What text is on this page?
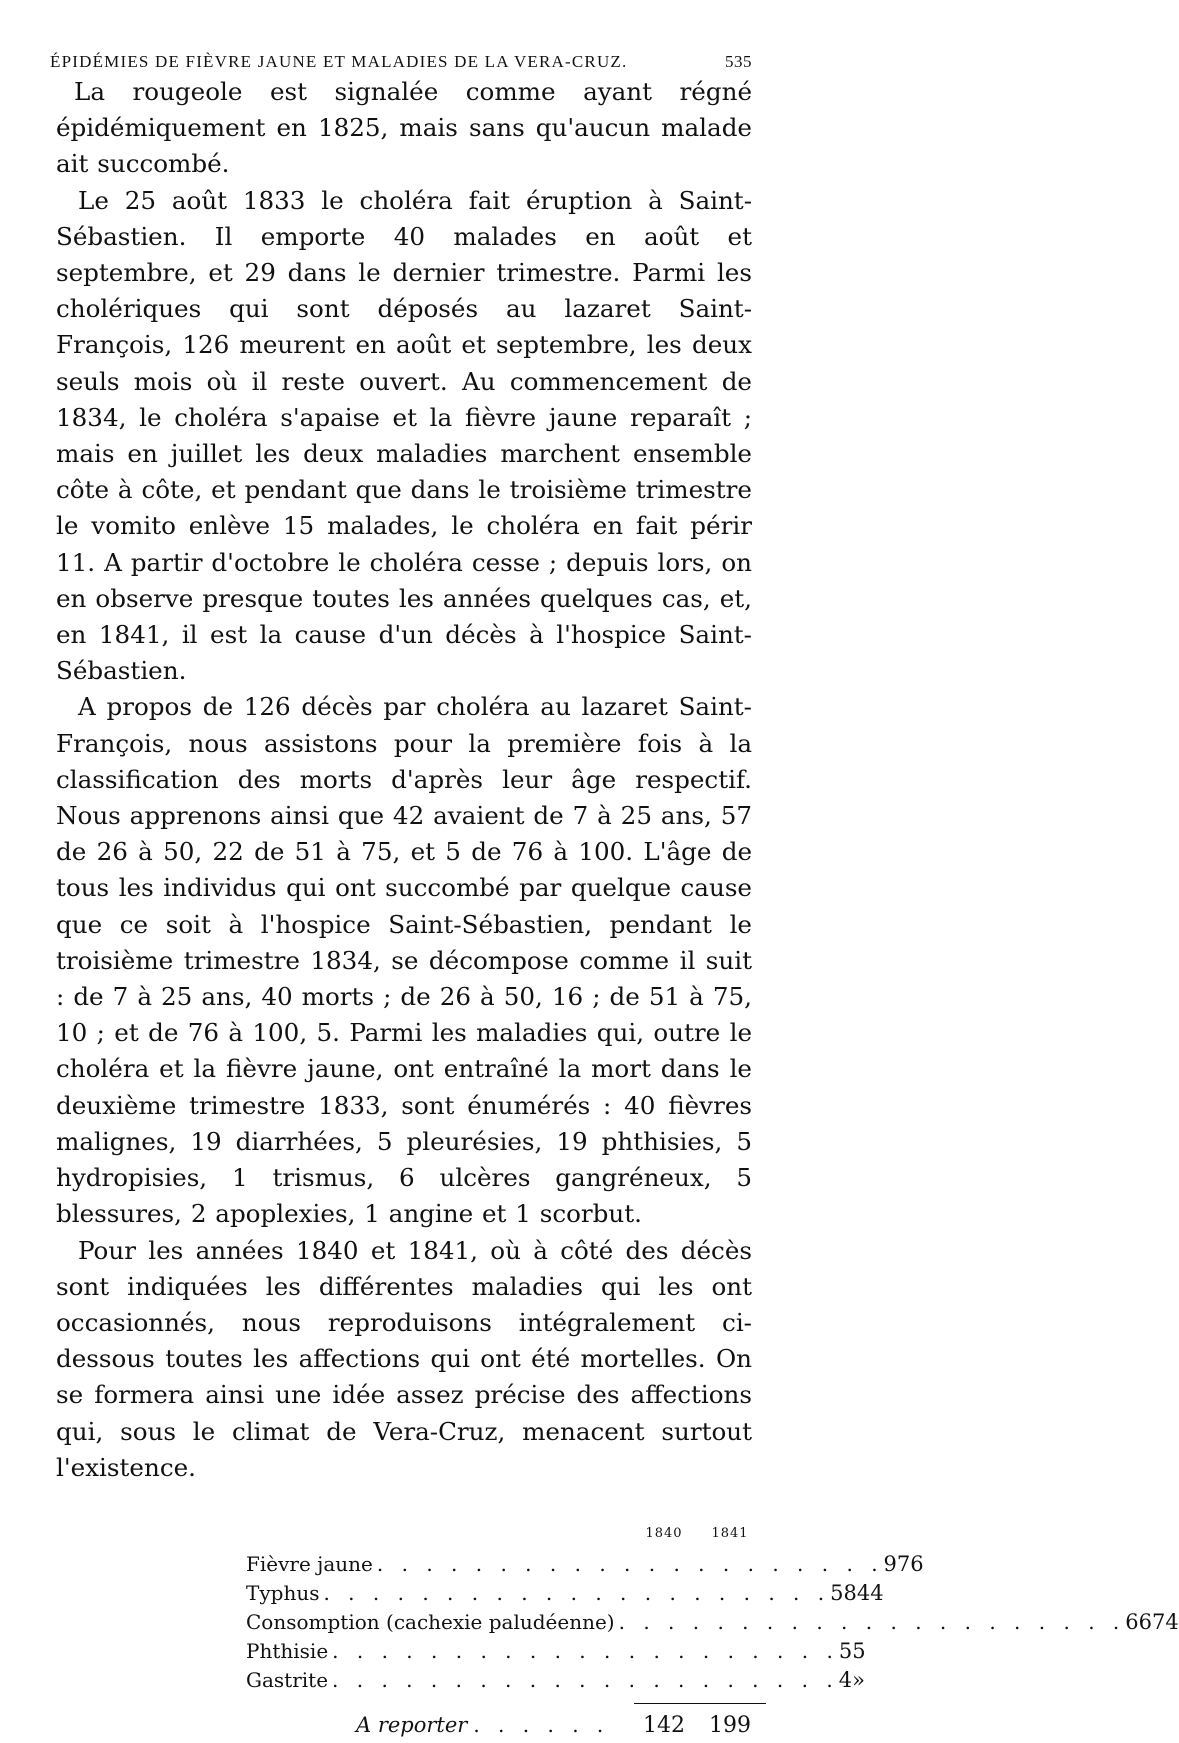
ÉPIDÉMIES DE FIÈVRE JAUNE ET MALADIES DE LA VERA-CRUZ.	535

La rougeole est signalée comme ayant régné épidémiquement en 1825, mais sans qu'aucun malade ait succombé.

Le 25 août 1833 le choléra fait éruption à Saint-Sébastien. Il emporte 40 malades en août et septembre, et 29 dans le dernier trimestre. Parmi les cholériques qui sont déposés au lazaret Saint-François, 126 meurent en août et septembre, les deux seuls mois où il reste ouvert. Au commencement de 1834, le choléra s'apaise et la fièvre jaune reparaît ; mais en juillet les deux maladies marchent ensemble côte à côte, et pendant que dans le troisième trimestre le vomito enlève 15 malades, le choléra en fait périr 11. A partir d'octobre le choléra cesse ; depuis lors, on en observe presque toutes les années quelques cas, et, en 1841, il est la cause d'un décès à l'hospice Saint-Sébastien.

A propos de 126 décès par choléra au lazaret Saint-François, nous assistons pour la première fois à la classification des morts d'après leur âge respectif. Nous apprenons ainsi que 42 avaient de 7 à 25 ans, 57 de 26 à 50, 22 de 51 à 75, et 5 de 76 à 100. L'âge de tous les individus qui ont succombé par quelque cause que ce soit à l'hospice Saint-Sébastien, pendant le troisième trimestre 1834, se décompose comme il suit : de 7 à 25 ans, 40 morts ; de 26 à 50, 16 ; de 51 à 75, 10 ; et de 76 à 100, 5. Parmi les maladies qui, outre le choléra et la fièvre jaune, ont entraîné la mort dans le deuxième trimestre 1833, sont énumérés : 40 fièvres malignes, 19 diarrhées, 5 pleurésies, 19 phthisies, 5 hydropisies, 1 trismus, 6 ulcères gangréneux, 5 blessures, 2 apoplexies, 1 angine et 1 scorbut.

Pour les années 1840 et 1841, où à côté des décès sont indiquées les différentes maladies qui les ont occasionnés, nous reproduisons intégralement ci-dessous toutes les affections qui ont été mortelles. On se formera ainsi une idée assez précise des affections qui, sous le climat de Vera-Cruz, menacent surtout l'existence.

1840	1841
Fièvre jaune . . . . . . . . . . . . . . . . . . . . . 9 76
Typhus . . . . . . . . . . . . . . . . . . . . . 58 44
Consomption (cachexie paludéenne) . . . . . . . . . . . . . . . . . . . . . 66 74
Phthisie . . . . . . . . . . . . . . . . . . . . . 5 5
Gastrite . . . . . . . . . . . . . . . . . . . . . 4 »
A reporter . . . . . .	142	199
